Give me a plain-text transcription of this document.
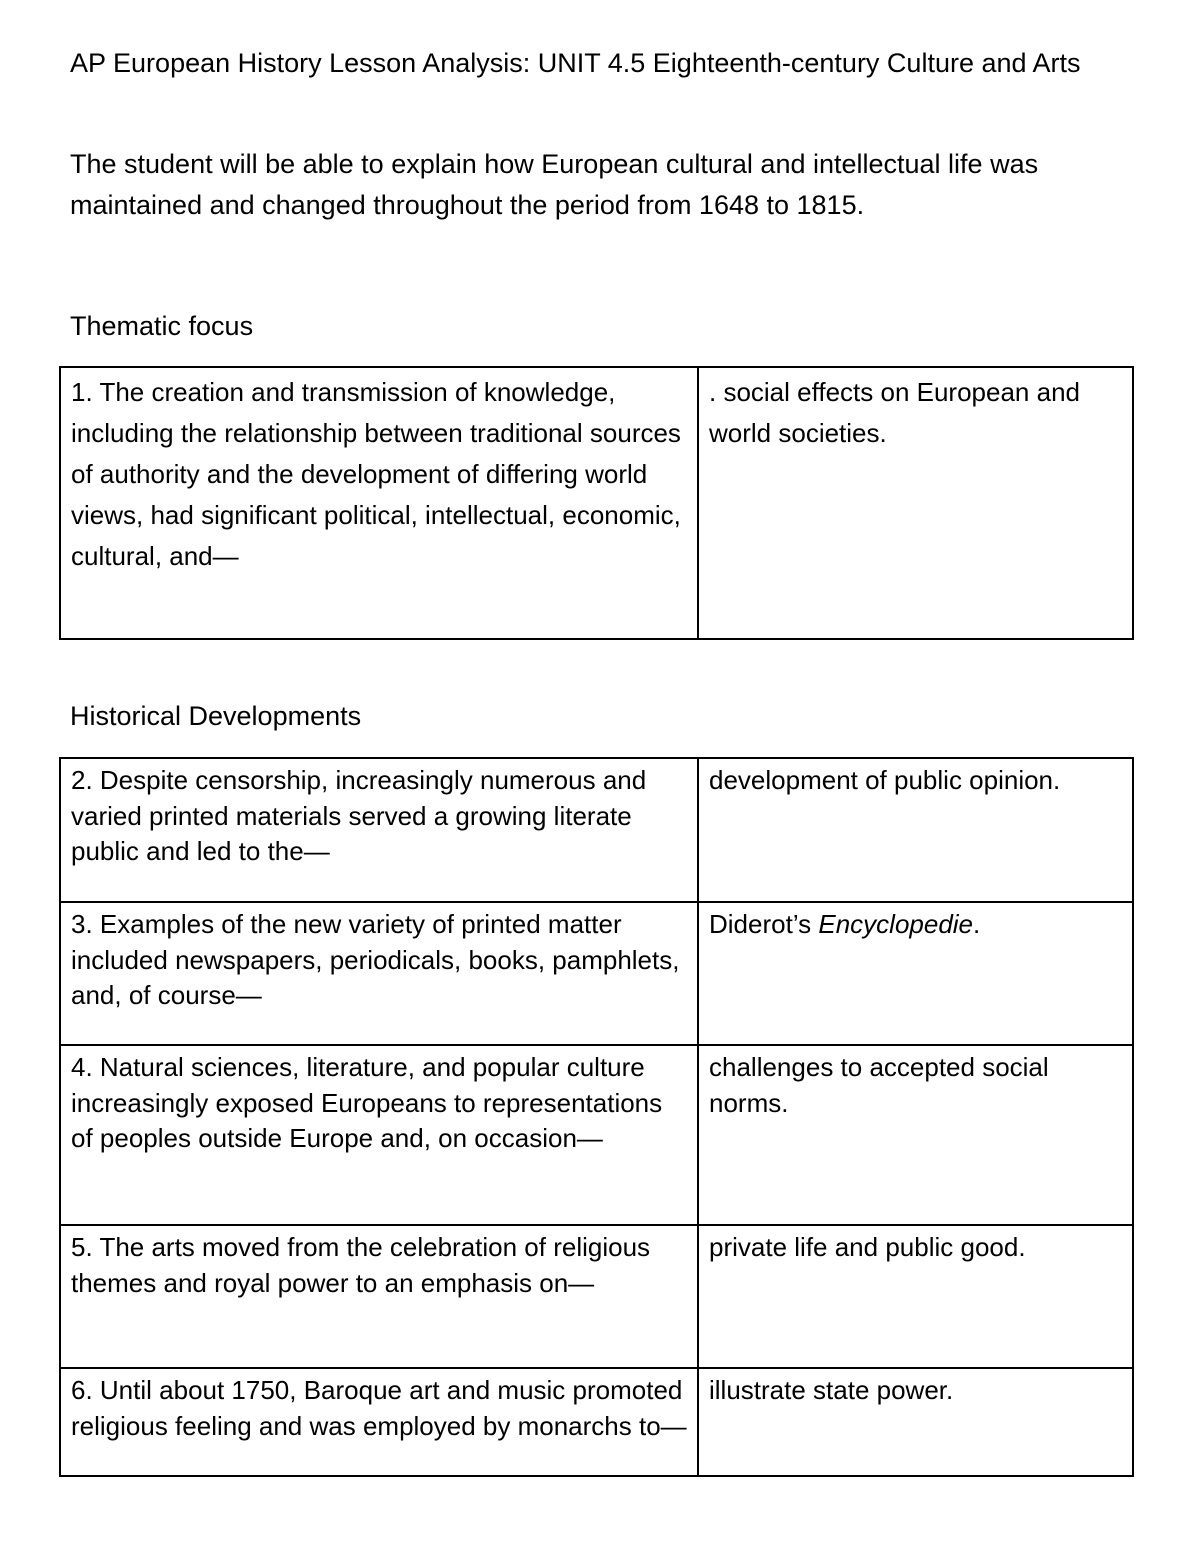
AP European History Lesson Analysis: UNIT 4.5 Eighteenth-century Culture and Arts

The student will be able to explain how European cultural and intellectual life was maintained and changed throughout the period from 1648 to 1815.

Thematic focus
1. The creation and transmission of knowledge, including the relationship between traditional sources of authority and the development of differing world views, had significant political, intellectual, economic, cultural, and—	. social effects on European and world societies.
Historical Developments
2. Despite censorship, increasingly numerous and varied printed materials served a growing literate public and led to the—	development of public opinion.
3. Examples of the new variety of printed matter included newspapers, periodicals, books, pamphlets, and, of course—	Diderot’s Encyclopedie.
4. Natural sciences, literature, and popular culture increasingly exposed Europeans to representations of peoples outside Europe and, on occasion—	challenges to accepted social norms.
5. The arts moved from the celebration of religious themes and royal power to an emphasis on—	private life and public good.
6. Until about 1750, Baroque art and music promoted religious feeling and was employed by monarchs to—	illustrate state power.
